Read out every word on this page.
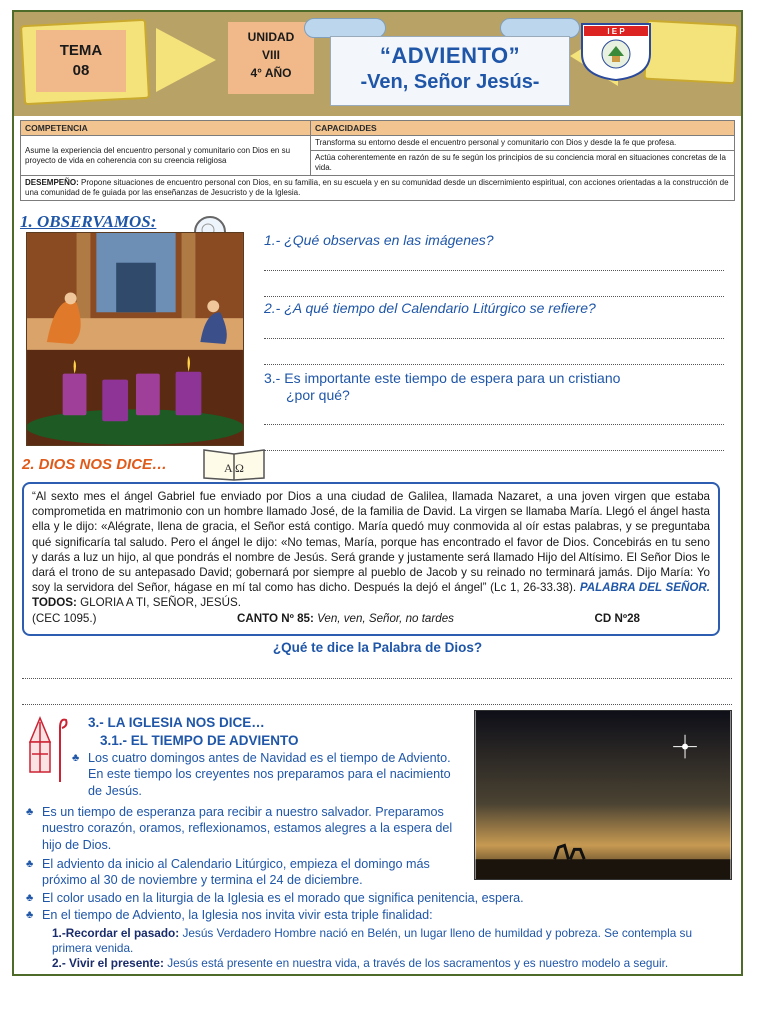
TEMA
08
UNIDAD
VIII
4° AÑO
“ADVIENTO”
-Ven, Señor Jesús-
I E P
COMPETENCIA	CAPACIDADES
Asume la experiencia del encuentro personal y comunitario con Dios en su proyecto de vida en coherencia con su creencia religiosa	Transforma su entorno desde el encuentro personal y comunitario con Dios y desde la fe que profesa.
	Actúa coherentemente en razón de su fe según los principios de su conciencia moral en situaciones concretas de la vida.
DESEMPEÑO: Propone situaciones de encuentro personal con Dios, en su familia, en su escuela y en su comunidad desde un discernimiento espiritual, con acciones orientadas a la construcción de una comunidad de fe guiada por las enseñanzas de Jesucristo y de la Iglesia.	
1. OBSERVAMOS:
1.- ¿Qué observas en las imágenes?
2.- ¿A qué tiempo del Calendario Litúrgico se refiere?
3.- Es importante este tiempo de espera para un cristiano
¿por qué?
2. DIOS NOS DICE…	A Ω
“Al sexto mes el ángel Gabriel fue enviado por Dios a una ciudad de Galilea, llamada Nazaret, a una joven virgen que estaba comprometida en matrimonio con un hombre llamado José, de la familia de David. La virgen se llamaba María. Llegó el ángel hasta ella y le dijo: «Alégrate, llena de gracia, el Señor está contigo. María quedó muy conmovida al oír estas palabras, y se preguntaba qué significaría tal saludo. Pero el ángel le dijo: «No temas, María, porque has encontrado el favor de Dios. Concebirás en tu seno y darás a luz un hijo, al que pondrás el nombre de Jesús. Será grande y justamente será llamado Hijo del Altísimo. El Señor Dios le dará el trono de su antepasado David; gobernará por siempre al pueblo de Jacob y su reinado no terminará jamás. Dijo María: Yo soy la servidora del Señor, hágase en mí tal como has dicho. Después la dejó el ángel” (Lc 1, 26-33.38). PALABRA DEL SEÑOR. TODOS: GLORIA A TI, SEÑOR, JESÚS.
(CEC 1095.)	CANTO Nº 85: Ven, ven, Señor, no tardes	CD Nº28
¿Qué te dice la Palabra de Dios?
3.- LA IGLESIA NOS DICE…
3.1.- EL TIEMPO DE ADVIENTO
♣ Los cuatro domingos antes de Navidad es el tiempo de Adviento. En este tiempo los creyentes nos preparamos para el nacimiento de Jesús.
♣ Es un tiempo de esperanza para recibir a nuestro salvador. Preparamos nuestro corazón, oramos, reflexionamos, estamos alegres a la espera del hijo de Dios.
♣ El adviento da inicio al Calendario Litúrgico, empieza el domingo más próximo al 30 de noviembre y termina el 24 de diciembre.
♣ El color usado en la liturgia de la Iglesia es el morado que significa penitencia, espera.
♣ En el tiempo de Adviento, la Iglesia nos invita vivir esta triple finalidad:
1.-Recordar el pasado: Jesús Verdadero Hombre nació en Belén, un lugar lleno de humildad y pobreza. Se contempla su primera venida.
2.- Vivir el presente: Jesús está presente en nuestra vida, a través de los sacramentos y es nuestro modelo a seguir.
